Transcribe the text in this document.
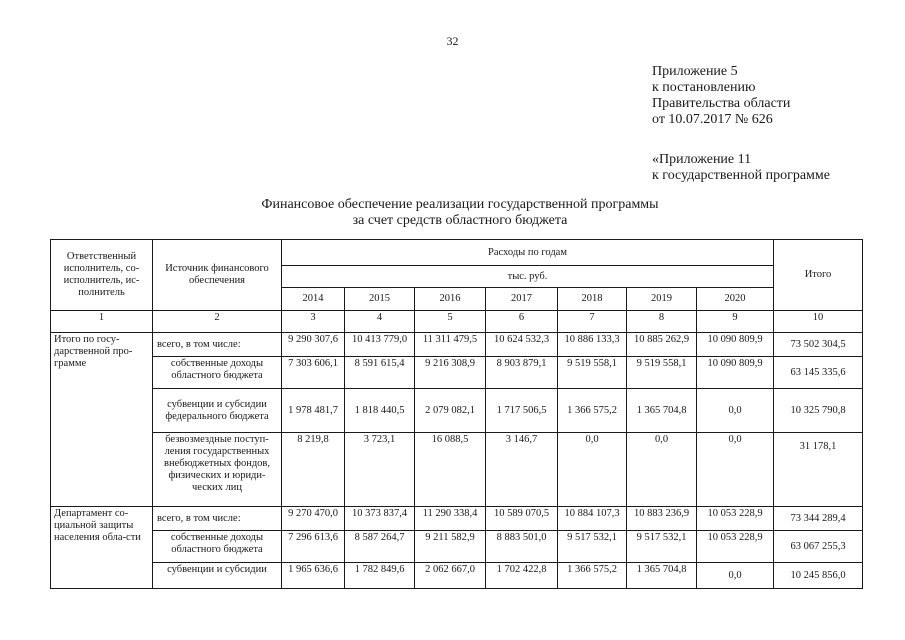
32
Приложение 5
к постановлению
Правительства области
от 10.07.2017 № 626
«Приложение 11
к государственной программе
Финансовое обеспечение реализации государственной программы
за счет средств областного бюджета
Ответственный исполнитель, со-исполнитель, ис-полнитель	Источник финансового обеспечения	Расходы по годам							Итого
		тыс. руб.							
		2014	2015	2016	2017	2018	2019	2020	
1	2	3	4	5	6	7	8	9	10
Итого по госу-дарственной про-грамме	всего, в том числе:	9 290 307,6	10 413 779,0	11 311 479,5	10 624 532,3	10 886 133,3	10 885 262,9	10 090 809,9	73 502 304,5
	собственные доходы областного бюджета	7 303 606,1	8 591 615,4	9 216 308,9	8 903 879,1	9 519 558,1	9 519 558,1	10 090 809,9	63 145 335,6
	субвенции и субсидии федерального бюджета	1 978 481,7	1 818 440,5	2 079 082,1	1 717 506,5	1 366 575,2	1 365 704,8	0,0	10 325 790,8
	безвозмездные поступ-ления государственных внебюджетных фондов, физических и юриди-ческих лиц	8 219,8	3 723,1	16 088,5	3 146,7	0,0	0,0	0,0	31 178,1
Департамент со-циальной защиты населения обла-сти	всего, в том числе:	9 270 470,0	10 373 837,4	11 290 338,4	10 589 070,5	10 884 107,3	10 883 236,9	10 053 228,9	73 344 289,4
	собственные доходы областного бюджета	7 296 613,6	8 587 264,7	9 211 582,9	8 883 501,0	9 517 532,1	9 517 532,1	10 053 228,9	63 067 255,3
	субвенции и субсидии	1 965 636,6	1 782 849,6	2 062 667,0	1 702 422,8	1 366 575,2	1 365 704,8	0,0	10 245 856,0
